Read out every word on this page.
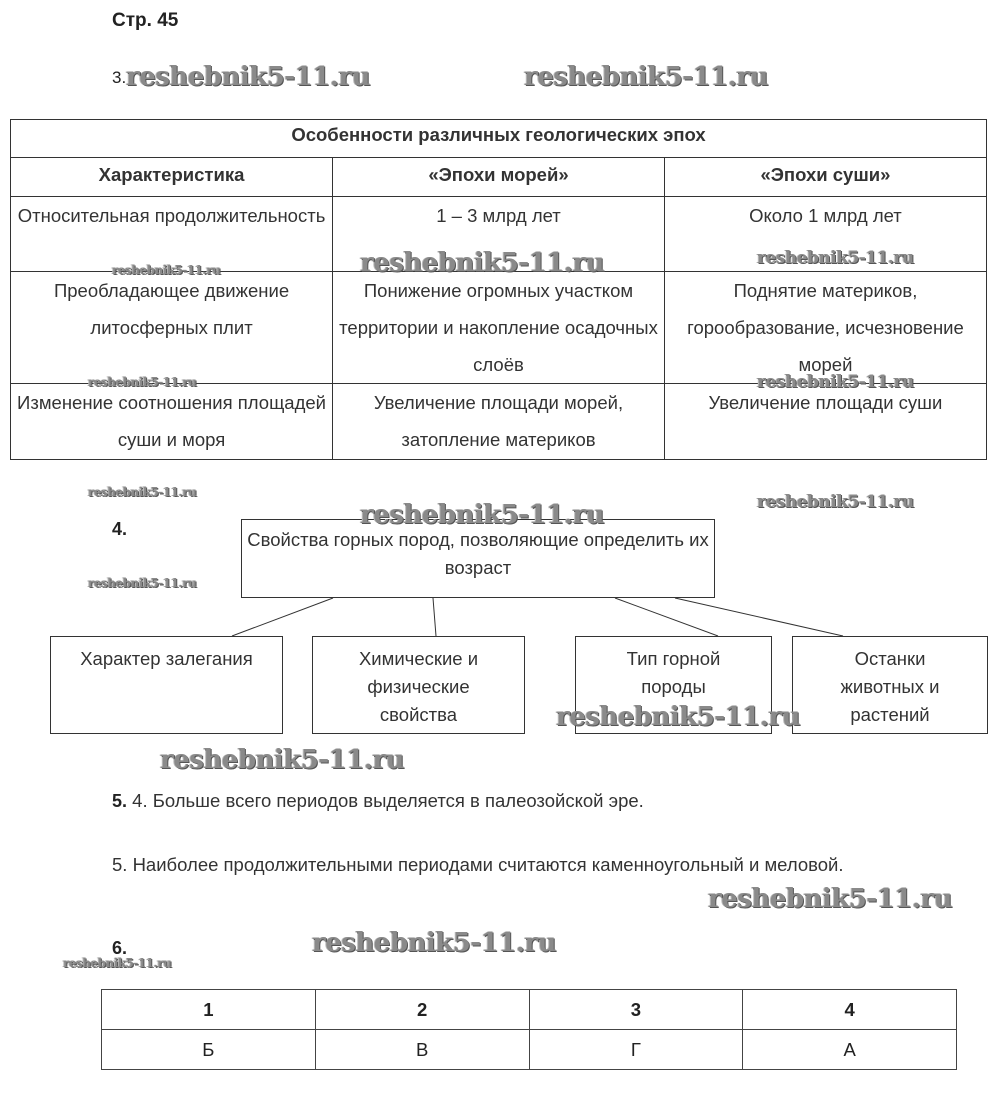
Стр. 45
3. reshebnik5-11.ru	reshebnik5-11.ru
Особенности различных геологических эпох		
Характеристика	«Эпохи морей»	«Эпохи суши»
Относительная продолжительность	1 – 3 млрд лет	Около 1 млрд лет
Преобладающее движение литосферных плит	Понижение огромных участком территории и накопление осадочных слоёв	Поднятие материков, горообразование, исчезновение морей
Изменение соотношения площадей суши и моря	Увеличение площади морей, затопление материков	Увеличение площади суши
reshebnik5-11.ru	reshebnik5-11.ru	reshebnik5-11.ru
reshebnik5-11.ru	reshebnik5-11.ru
reshebnik5-11.ru	reshebnik5-11.ru
4.
reshebnik5-11.ru
Свойства горных пород, позволяющие определить их возраст
reshebnik5-11.ru
Характер залегания	Химические и физические свойства
Тип горной породы
Останки животных и растений
reshebnik5-11.ru
reshebnik5-11.ru
5. 4. Больше всего периодов выделяется в палеозойской эре.
5. Наиболее продолжительными периодами считаются каменноугольный и меловой.
reshebnik5-11.ru
6.	reshebnik5-11.ru
reshebnik5-11.ru
1	2	3	4
Б	В	Г	А
